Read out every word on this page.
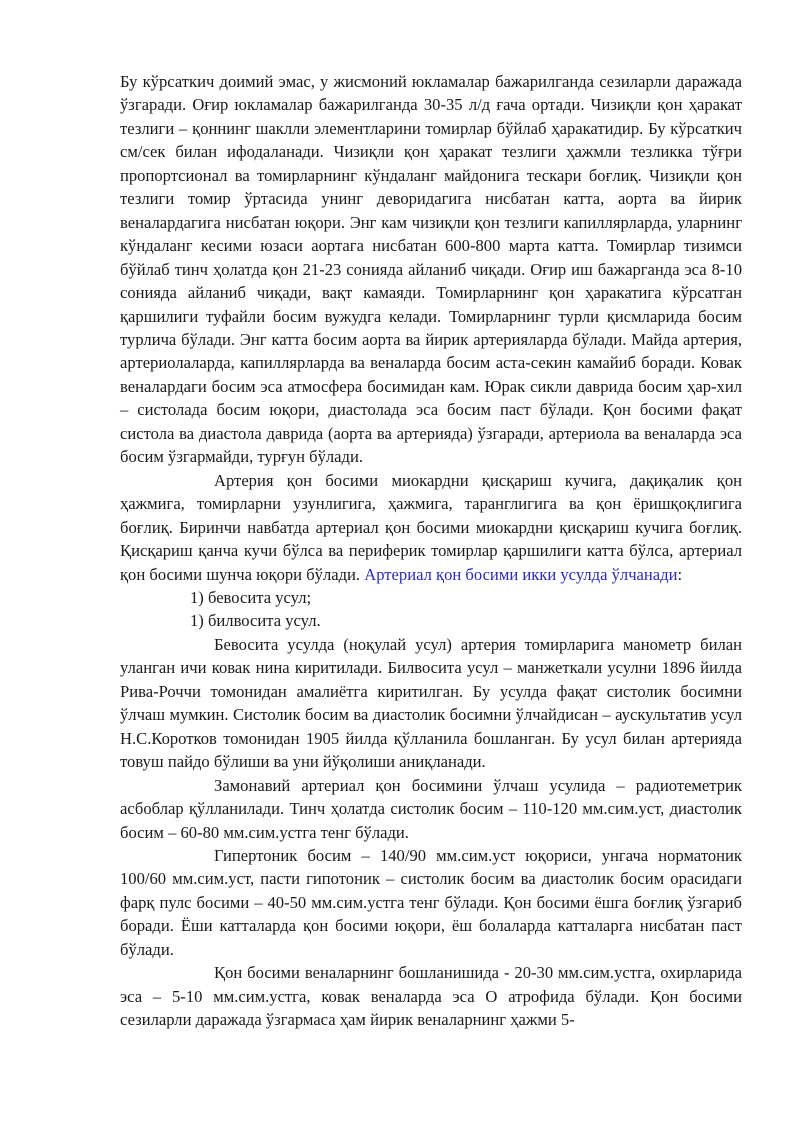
Бу кўрсаткич доимий эмас, у жисмоний юкламалар бажарилганда сезиларли даражада ўзгаради. Оғир юкламалар бажарилганда 30-35 л/д ғача ортади. Чизиқли қон ҳаракат тезлиги – қоннинг шаклли элементларини томирлар бўйлаб ҳаракатидир. Бу кўрсаткич см/сек билан ифодаланади. Чизиқли қон ҳаракат тезлиги ҳажмли тезликка тўғри пропортсионал ва томирларнинг кўндаланг майдонига тескари боғлиқ. Чизиқли қон тезлиги томир ўртасида унинг деворидагига нисбатан катта, аорта ва йирик веналардагига нисбатан юқори. Энг кам чизиқли қон тезлиги капиллярларда, уларнинг кўндаланг кесими юзаси аортага нисбатан 600-800 марта катта. Томирлар тизимси бўйлаб тинч ҳолатда қон 21-23 сонияда айланиб чиқади. Оғир иш бажарганда эса 8-10 сонияда айланиб чиқади, вақт камаяди. Томирларнинг қон ҳаракатига кўрсатган қаршилиги туфайли босим вужудга келади. Томирларнинг турли қисмларида босим турлича бўлади. Энг катта босим аорта ва йирик артерияларда бўлади. Майда артерия, артериолаларда, капиллярларда ва веналарда босим аста-секин камайиб боради. Ковак веналардаги босим эса атмосфера босимидан кам. Юрак сикли даврида босим ҳар-хил – систолада босим юқори, диастолада эса босим паст бўлади. Қон босими фақат систола ва диастола даврида (аорта ва артерияда) ўзгаради, артериола ва веналарда эса босим ўзгармайди, турғун бўлади.

Артерия қон босими миокардни қисқариш кучига, дақиқалик қон ҳажмига, томирларни узунлигига, ҳажмига, таранглигига ва қон ёришқоқлигига боғлиқ. Биринчи навбатда артериал қон босими миокардни қисқариш кучига боғлиқ. Қисқариш қанча кучи бўлса ва периферик томирлар қаршилиги катта бўлса, артериал қон босими шунча юқори бўлади. Артериал қон босими икки усулда ўлчанади:

1) бевосита усул;

1) билвосита усул.

Бевосита усулда (ноқулай усул) артерия томирларига манометр билан уланган ичи ковак нина киритилади. Билвосита усул – манжеткали усулни 1896 йилда Рива-Роччи томонидан амалиётга киритилган. Бу усулда фақат систолик босимни ўлчаш мумкин. Систолик босим ва диастолик босимни ўлчайдисан – аускультатив усул Н.С.Коротков томонидан 1905 йилда қўлланила бошланган. Бу усул билан артерияда товуш пайдо бўлиши ва уни йўқолиши аниқланади.

Замонавий артериал қон босимини ўлчаш усулида – радиотеметрик асбоблар қўлланилади. Тинч ҳолатда систолик босим – 110-120 мм.сим.уст, диастолик босим – 60-80 мм.сим.устга тенг бўлади.

Гипертоник босим – 140/90 мм.сим.уст юқориси, унгача норматоник 100/60 мм.сим.уст, пасти гипотоник – систолик босим ва диастолик босим орасидаги фарқ пулс босими – 40-50 мм.сим.устга тенг бўлади. Қон босими ёшга боғлиқ ўзгариб боради. Ёши катталарда қон босими юқори, ёш болаларда катталарга нисбатан паст бўлади.

Қон босими веналарнинг бошланишида - 20-30 мм.сим.устга, охирларида эса – 5-10 мм.сим.устга, ковак веналарда эса О атрофида бўлади. Қон босими сезиларли даражада ўзгармаса ҳам йирик веналарнинг ҳажми 5-
